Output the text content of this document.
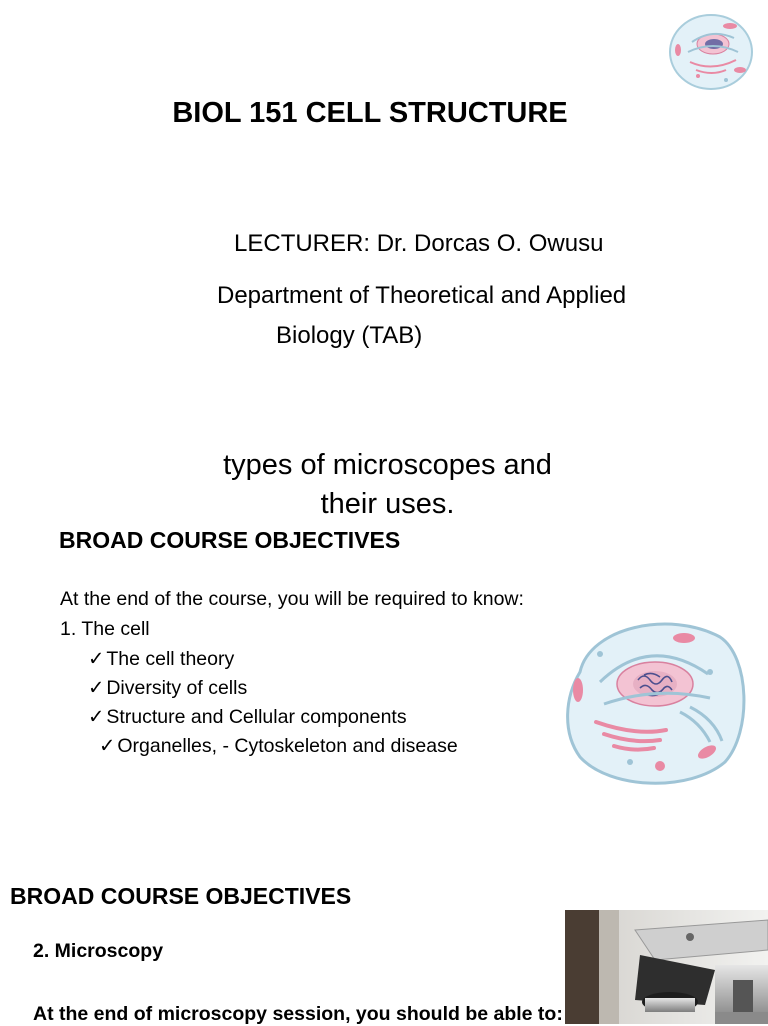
BIOL 151 CELL STRUCTURE
LECTURER: Dr. Dorcas O. Owusu
Department of Theoretical and Applied
Biology (TAB)
types of microscopes and
their uses.
BROAD COURSE OBJECTIVES
At the end of the course, you will be required to know:
1. The cell
✓ The cell theory
✓ Diversity of cells
✓ Structure and Cellular components
✓ Organelles, - Cytoskeleton and disease
BROAD COURSE OBJECTIVES
2. Microscopy
At the end of microscopy session, you should be able to:
